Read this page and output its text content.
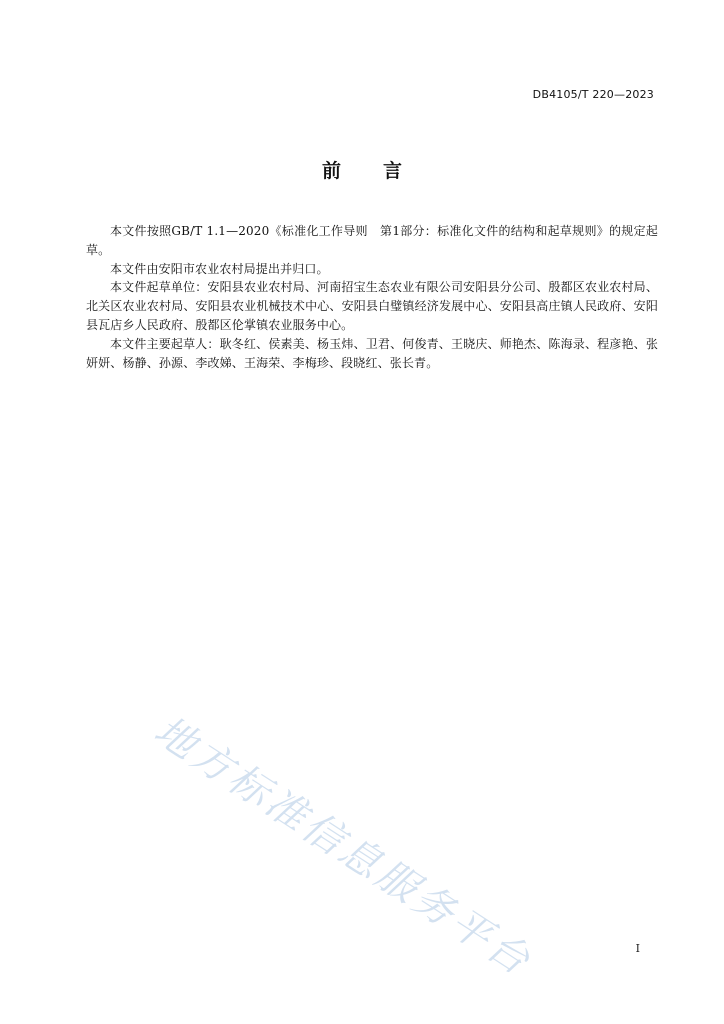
DB4105/T 220—2023
前言

本文件按照GB/T 1.1—2020《标准化工作导则　第1部分：标准化文件的结构和起草规则》的规定起草。

本文件由安阳市农业农村局提出并归口。

本文件起草单位：安阳县农业农村局、河南招宝生态农业有限公司安阳县分公司、殷都区农业农村局、北关区农业农村局、安阳县农业机械技术中心、安阳县白璧镇经济发展中心、安阳县高庄镇人民政府、安阳县瓦店乡人民政府、殷都区伦掌镇农业服务中心。

本文件主要起草人：耿冬红、侯素美、杨玉炜、卫君、何俊青、王晓庆、师艳杰、陈海录、程彦艳、张妍妍、杨静、孙源、李改娣、王海荣、李梅珍、段晓红、张长青。

地方标准信息服务平台	I
